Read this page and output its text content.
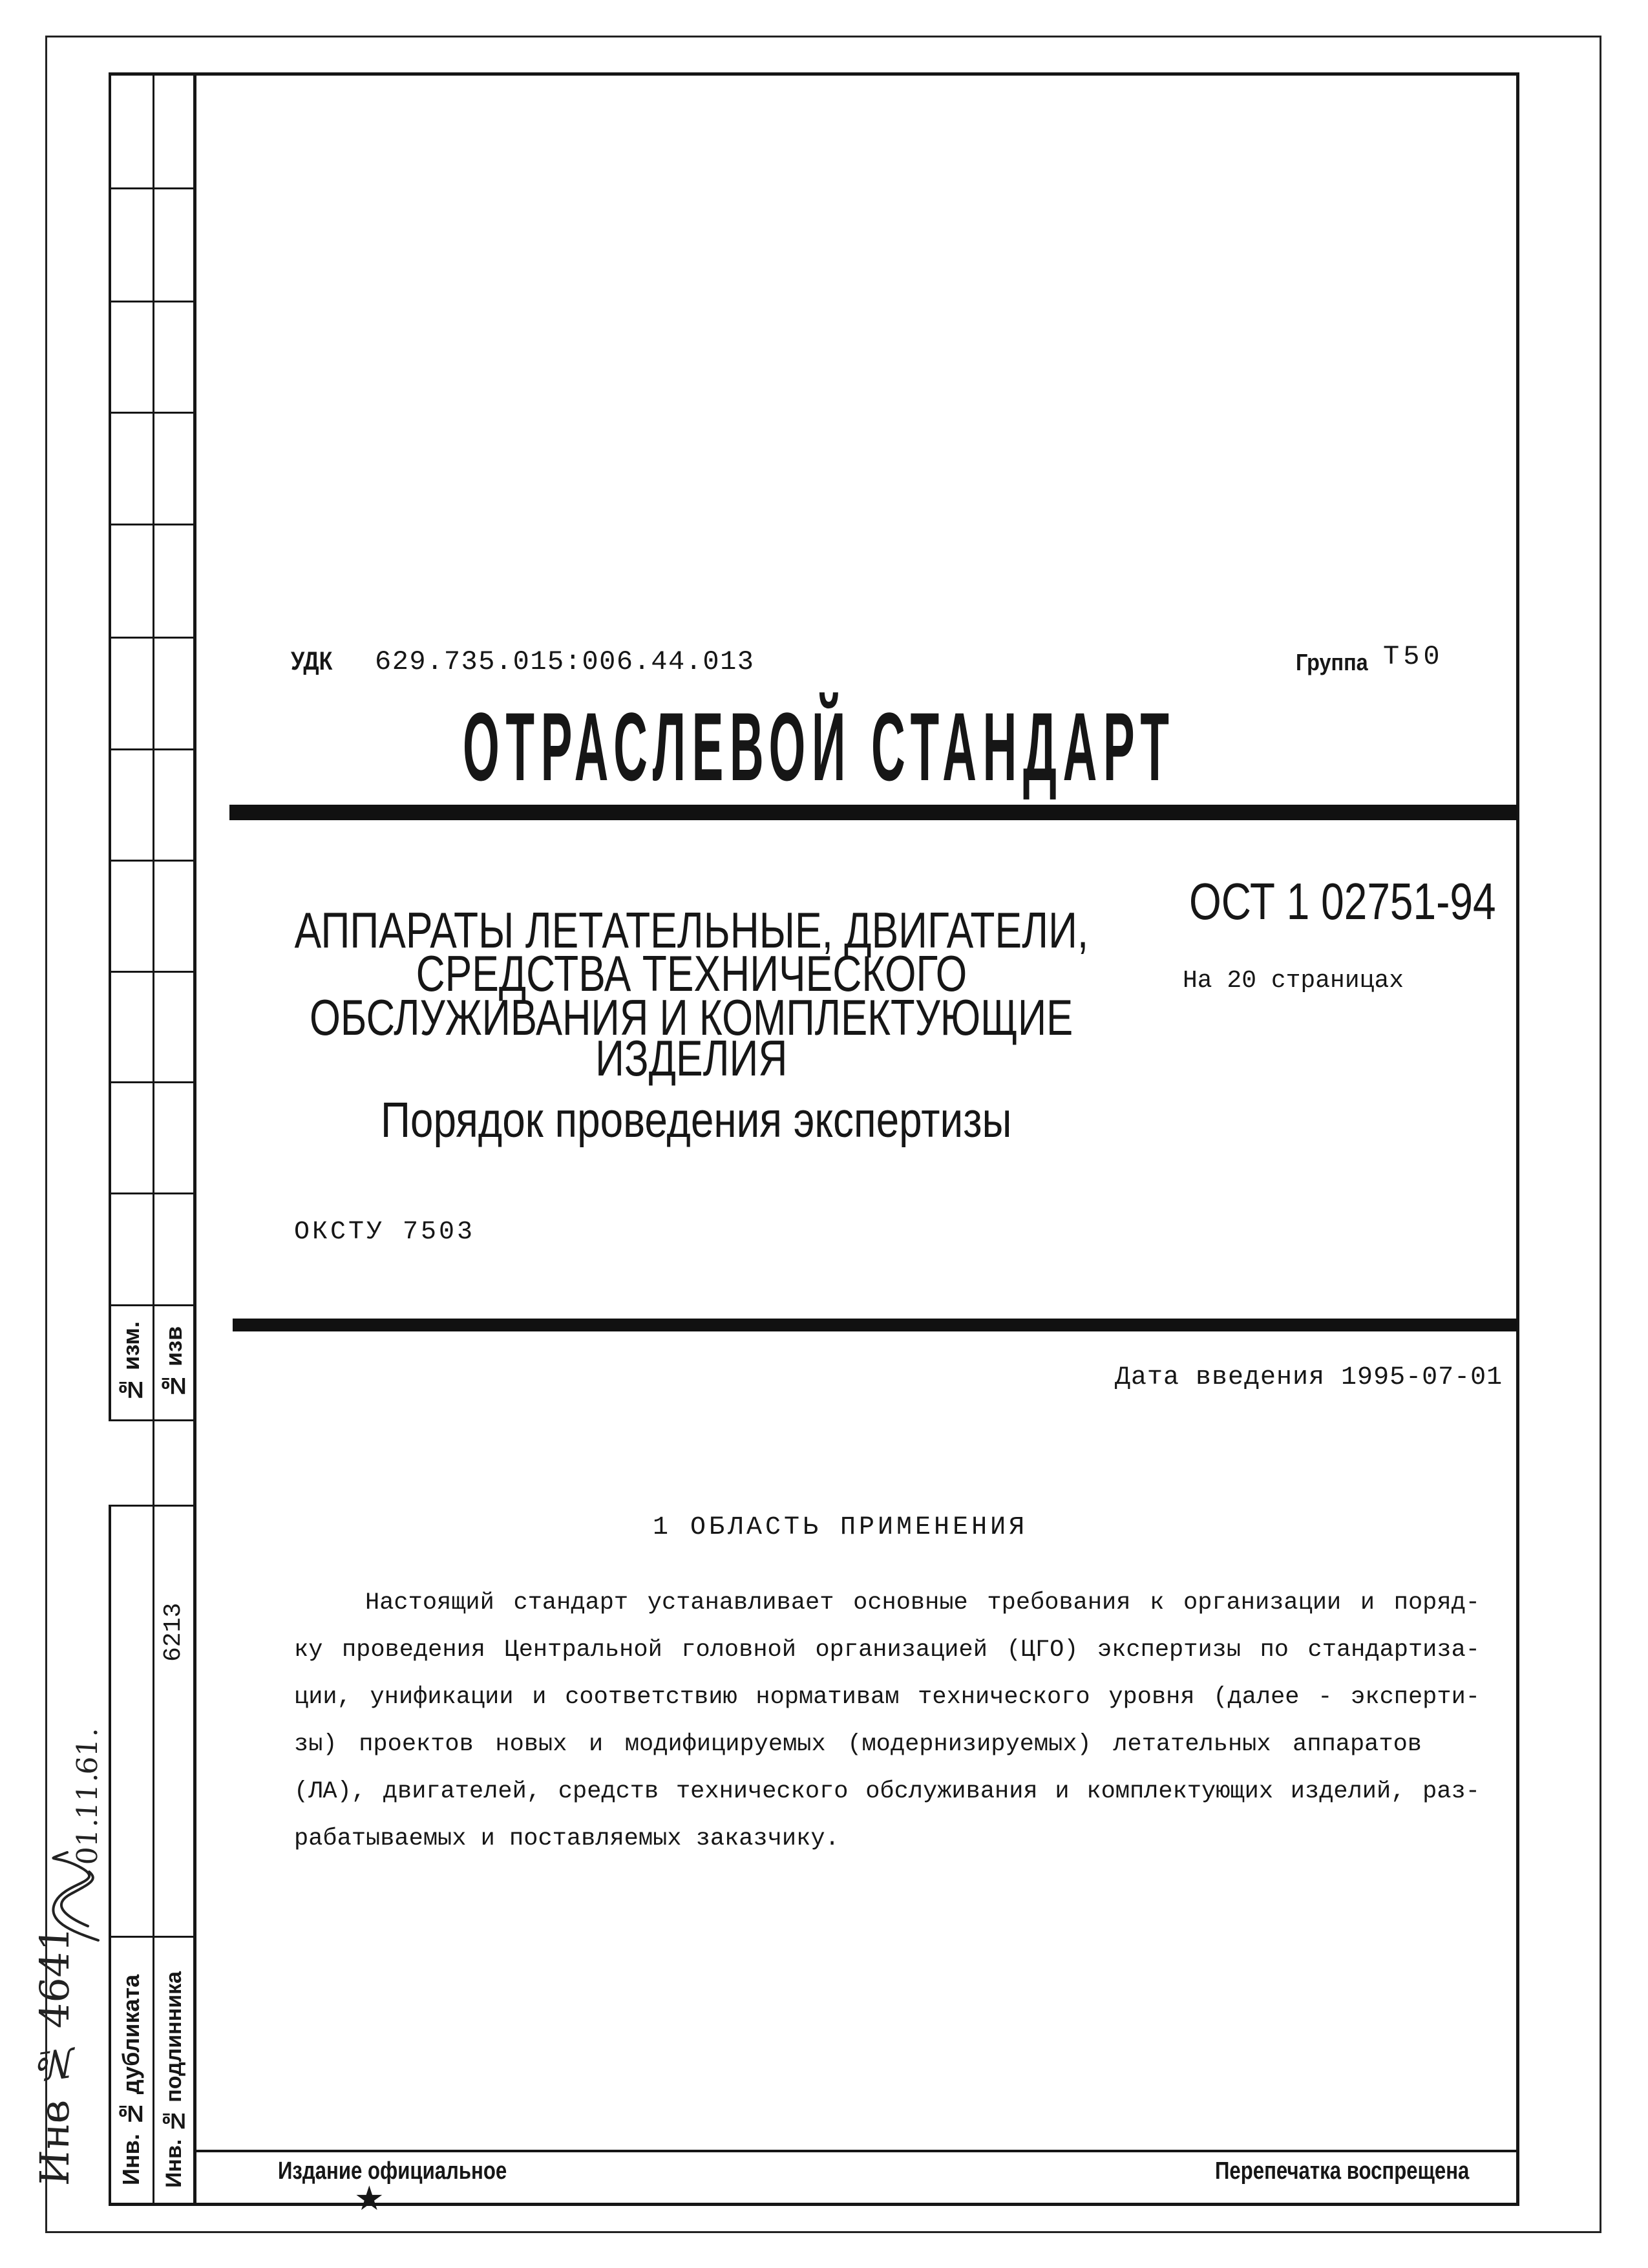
№ изм. № изв
6213
Инв. № дубликата Инв. № подлинника
Инв № 4641
01.11.61.
УДК 629.735.015:006.44.013	Группа Т50
ОТРАСЛЕВОЙ СТАНДАРТ
АППАРАТЫ ЛЕТАТЕЛЬНЫЕ, ДВИГАТЕЛИ,
СРЕДСТВА ТЕХНИЧЕСКОГО
ОБСЛУЖИВАНИЯ И КОМПЛЕКТУЮЩИЕ
ИЗДЕЛИЯ
Порядок проведения экспертизы
ОСТ 1 02751-94
На 20 страницах
ОКСТУ 7503
Дата введения 1995-07-01
1 ОБЛАСТЬ ПРИМЕНЕНИЯ
Настоящий стандарт устанавливает основные требования к организации и поряд-
ку проведения Центральной головной организацией (ЦГО) экспертизы по стандартиза-
ции, унификации и соответствию нормативам технического уровня (далее - эксперти-
зы) проектов новых и модифицируемых (модернизируемых) летательных аппаратов
(ЛА), двигателей, средств технического обслуживания и комплектующих изделий, раз-
рабатываемых и поставляемых заказчику.
Издание официальное
★
Перепечатка воспрещена
